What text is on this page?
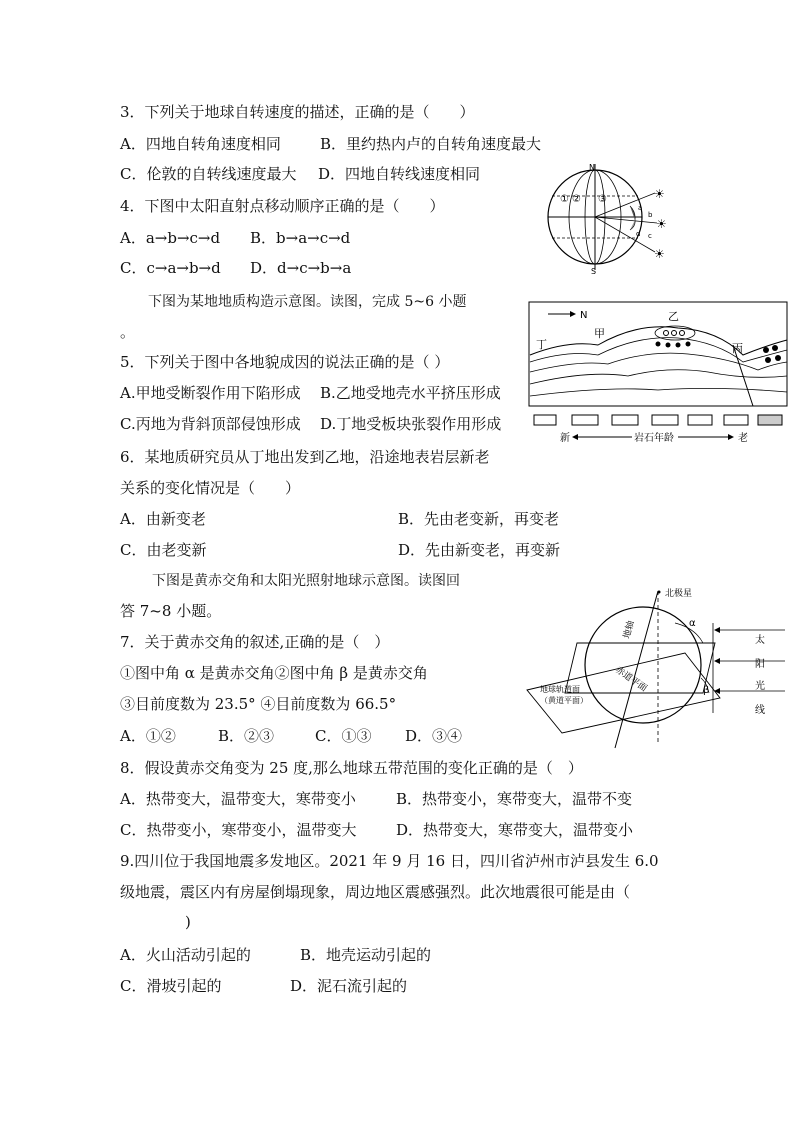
3．下列关于地球自转速度的描述，正确的是（　　）
A．四地自转角速度相同	B．里约热内卢的自转角速度最大
C．伦敦的自转线速度最大 D．四地自转线速度相同
4．下图中太阳直射点移动顺序正确的是（　　）
A．a→b→c→d B．b→a→c→d
C．c→a→b→d D．d→c→b→a
N
S
① ② ③
a
b
c
d
☀
☀
☀
下图为某地地质构造示意图。读图，完成 5~6 小题
。
N	乙
甲
丁	丙
新	岩石年龄	老
5．下列关于图中各地貌成因的说法正确的是（ ）
A.甲地受断裂作用下陷形成 B.乙地受地壳水平挤压形成
C.丙地为背斜顶部侵蚀形成 D.丁地受板块张裂作用形成
6．某地质研究员从丁地出发到乙地，沿途地表岩层新老
关系的变化情况是（　　）
A．由新变老	B．先由老变新，再变老
C．由老变新	D．先由新变老，再变新
下图是黄赤交角和太阳光照射地球示意图。读图回
答 7~8 小题。
北极星
地轴
赤道平面
地球轨道面
（黄道平面）
α
β
太
阳
光
线
7．关于黄赤交角的叙述,正确的是（　）
①图中角 α 是黄赤交角②图中角 β 是黄赤交角
③目前度数为 23.5° ④目前度数为 66.5°
A．①②	B．②③	C．①③ D．③④
8．假设黄赤交角变为 25 度,那么地球五带范围的变化正确的是（　）
A．热带变大，温带变大，寒带变小	B．热带变小，寒带变大，温带不变
C．热带变小，寒带变小，温带变大	D．热带变大，寒带变大，温带变小
9.四川位于我国地震多发地区。2021 年 9 月 16 日，四川省泸州市泸县发生 6.0
级地震，震区内有房屋倒塌现象，周边地区震感强烈。此次地震很可能是由（
)
A．火山活动引起的	B．地壳运动引起的
C．滑坡引起的	D．泥石流引起的
